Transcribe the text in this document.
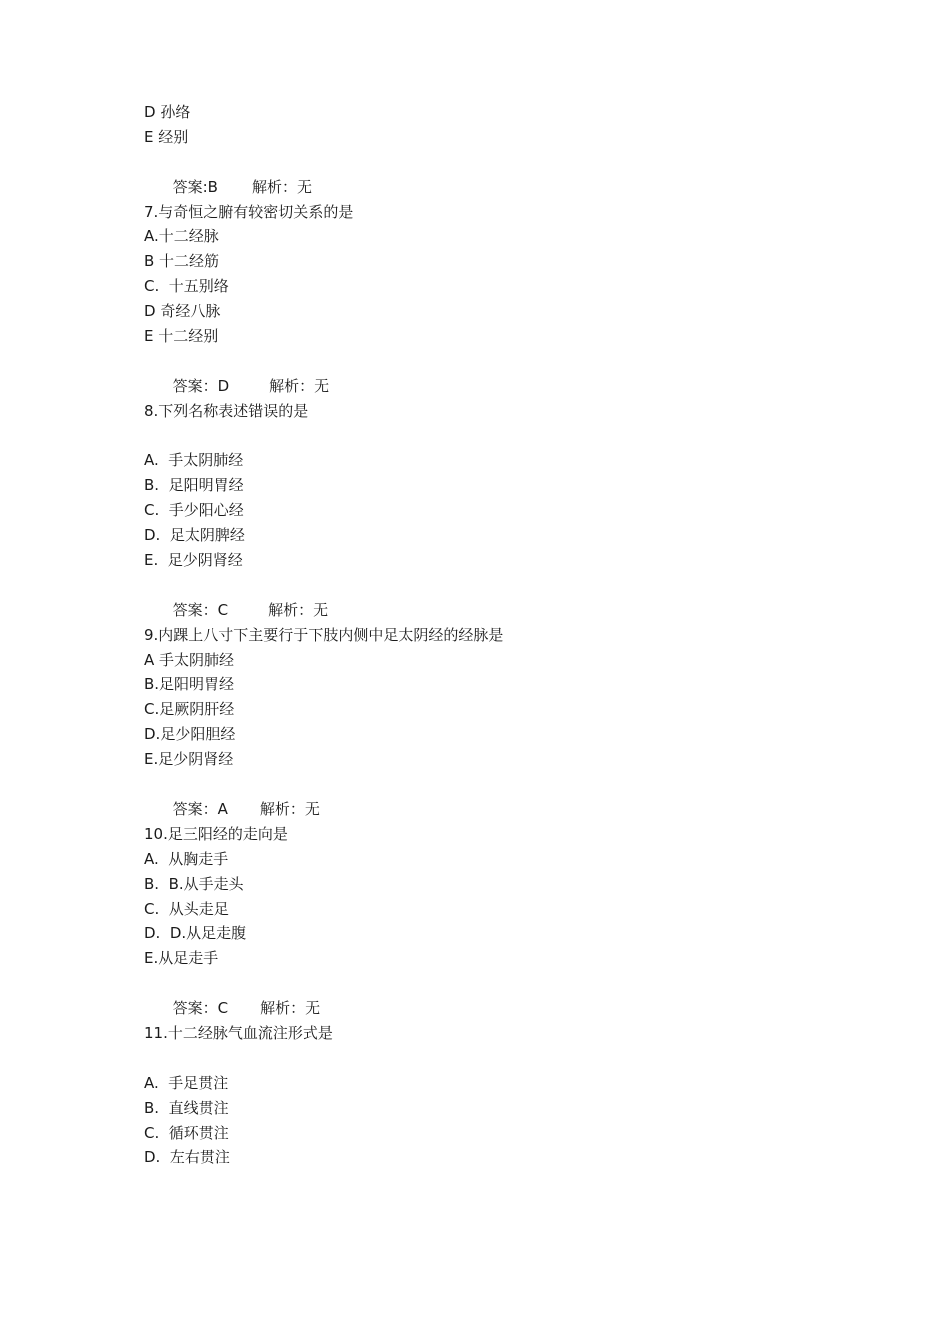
D 孙络
E 经别

答案:B 解析：无

7.与奇恒之腑有较密切关系的是
A.十二经脉
B 十二经筋
C.  十五别络
D 奇经八脉
E 十二经别

答案：D	解析：无

8.下列名称表述错误的是
A.  手太阴肺经
B.  足阳明胃经
C.  手少阳心经
D.  足太阴脾经
E.  足少阴肾经

答案：C	解析：无

9.内踝上八寸下主要行于下肢内侧中足太阴经的经脉是
A 手太阴肺经
B.足阳明胃经
C.足厥阴肝经
D.足少阳胆经
E.足少阴肾经

答案：A 解析：无

10.足三阳经的走向是
A.  从胸走手
B.  B.从手走头
C.  从头走足
D.  D.从足走腹
E.从足走手

答案：C 解析：无

11.十二经脉气血流注形式是
A.  手足贯注
B.  直线贯注
C.  循环贯注
D.  左右贯注
